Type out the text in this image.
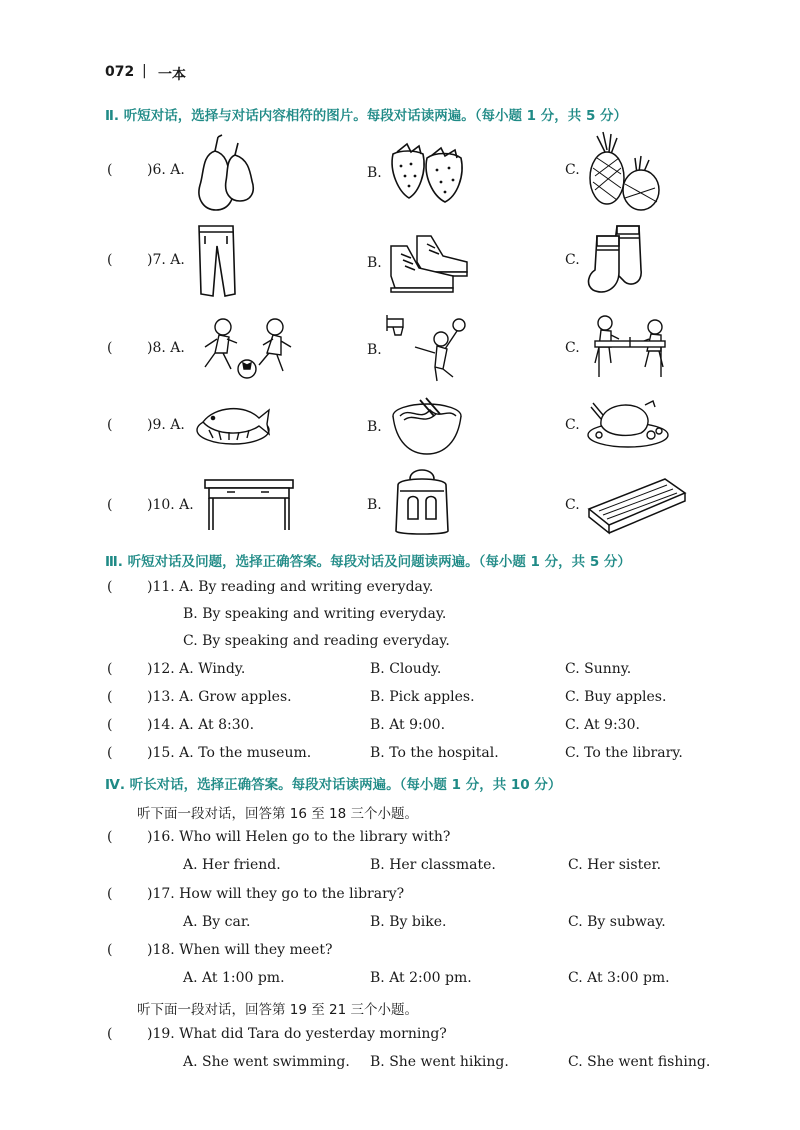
072 | 一本
Ⅱ. 听短对话，选择与对话内容相符的图片。每段对话读两遍。（每小题 1 分，共 5 分）
( )6. A.	B.	C.
( )7. A.	B.	C.
( )8. A.	B.	C.
( )9. A.	B.	C.
( )10. A.	B.	C.
Ⅲ. 听短对话及问题，选择正确答案。每段对话及问题读两遍。（每小题 1 分，共 5 分）
( )11. A. By reading and writing everyday.
B. By speaking and writing everyday.
C. By speaking and reading everyday.
( )12. A. Windy.	B. Cloudy.	C. Sunny.
( )13. A. Grow apples.	B. Pick apples.	C. Buy apples.
( )14. A. At 8:30.	B. At 9:00.	C. At 9:30.
( )15. A. To the museum.	B. To the hospital.	C. To the library.
Ⅳ. 听长对话，选择正确答案。每段对话读两遍。（每小题 1 分，共 10 分）
听下面一段对话，回答第 16 至 18 三个小题。
( )16. Who will Helen go to the library with?
A. Her friend.	B. Her classmate.	C. Her sister.
( )17. How will they go to the library?
A. By car.	B. By bike.	C. By subway.
( )18. When will they meet?
A. At 1:00 pm.	B. At 2:00 pm.	C. At 3:00 pm.
听下面一段对话，回答第 19 至 21 三个小题。
( )19. What did Tara do yesterday morning?
A. She went swimming. B. She went hiking.	C. She went fishing.
